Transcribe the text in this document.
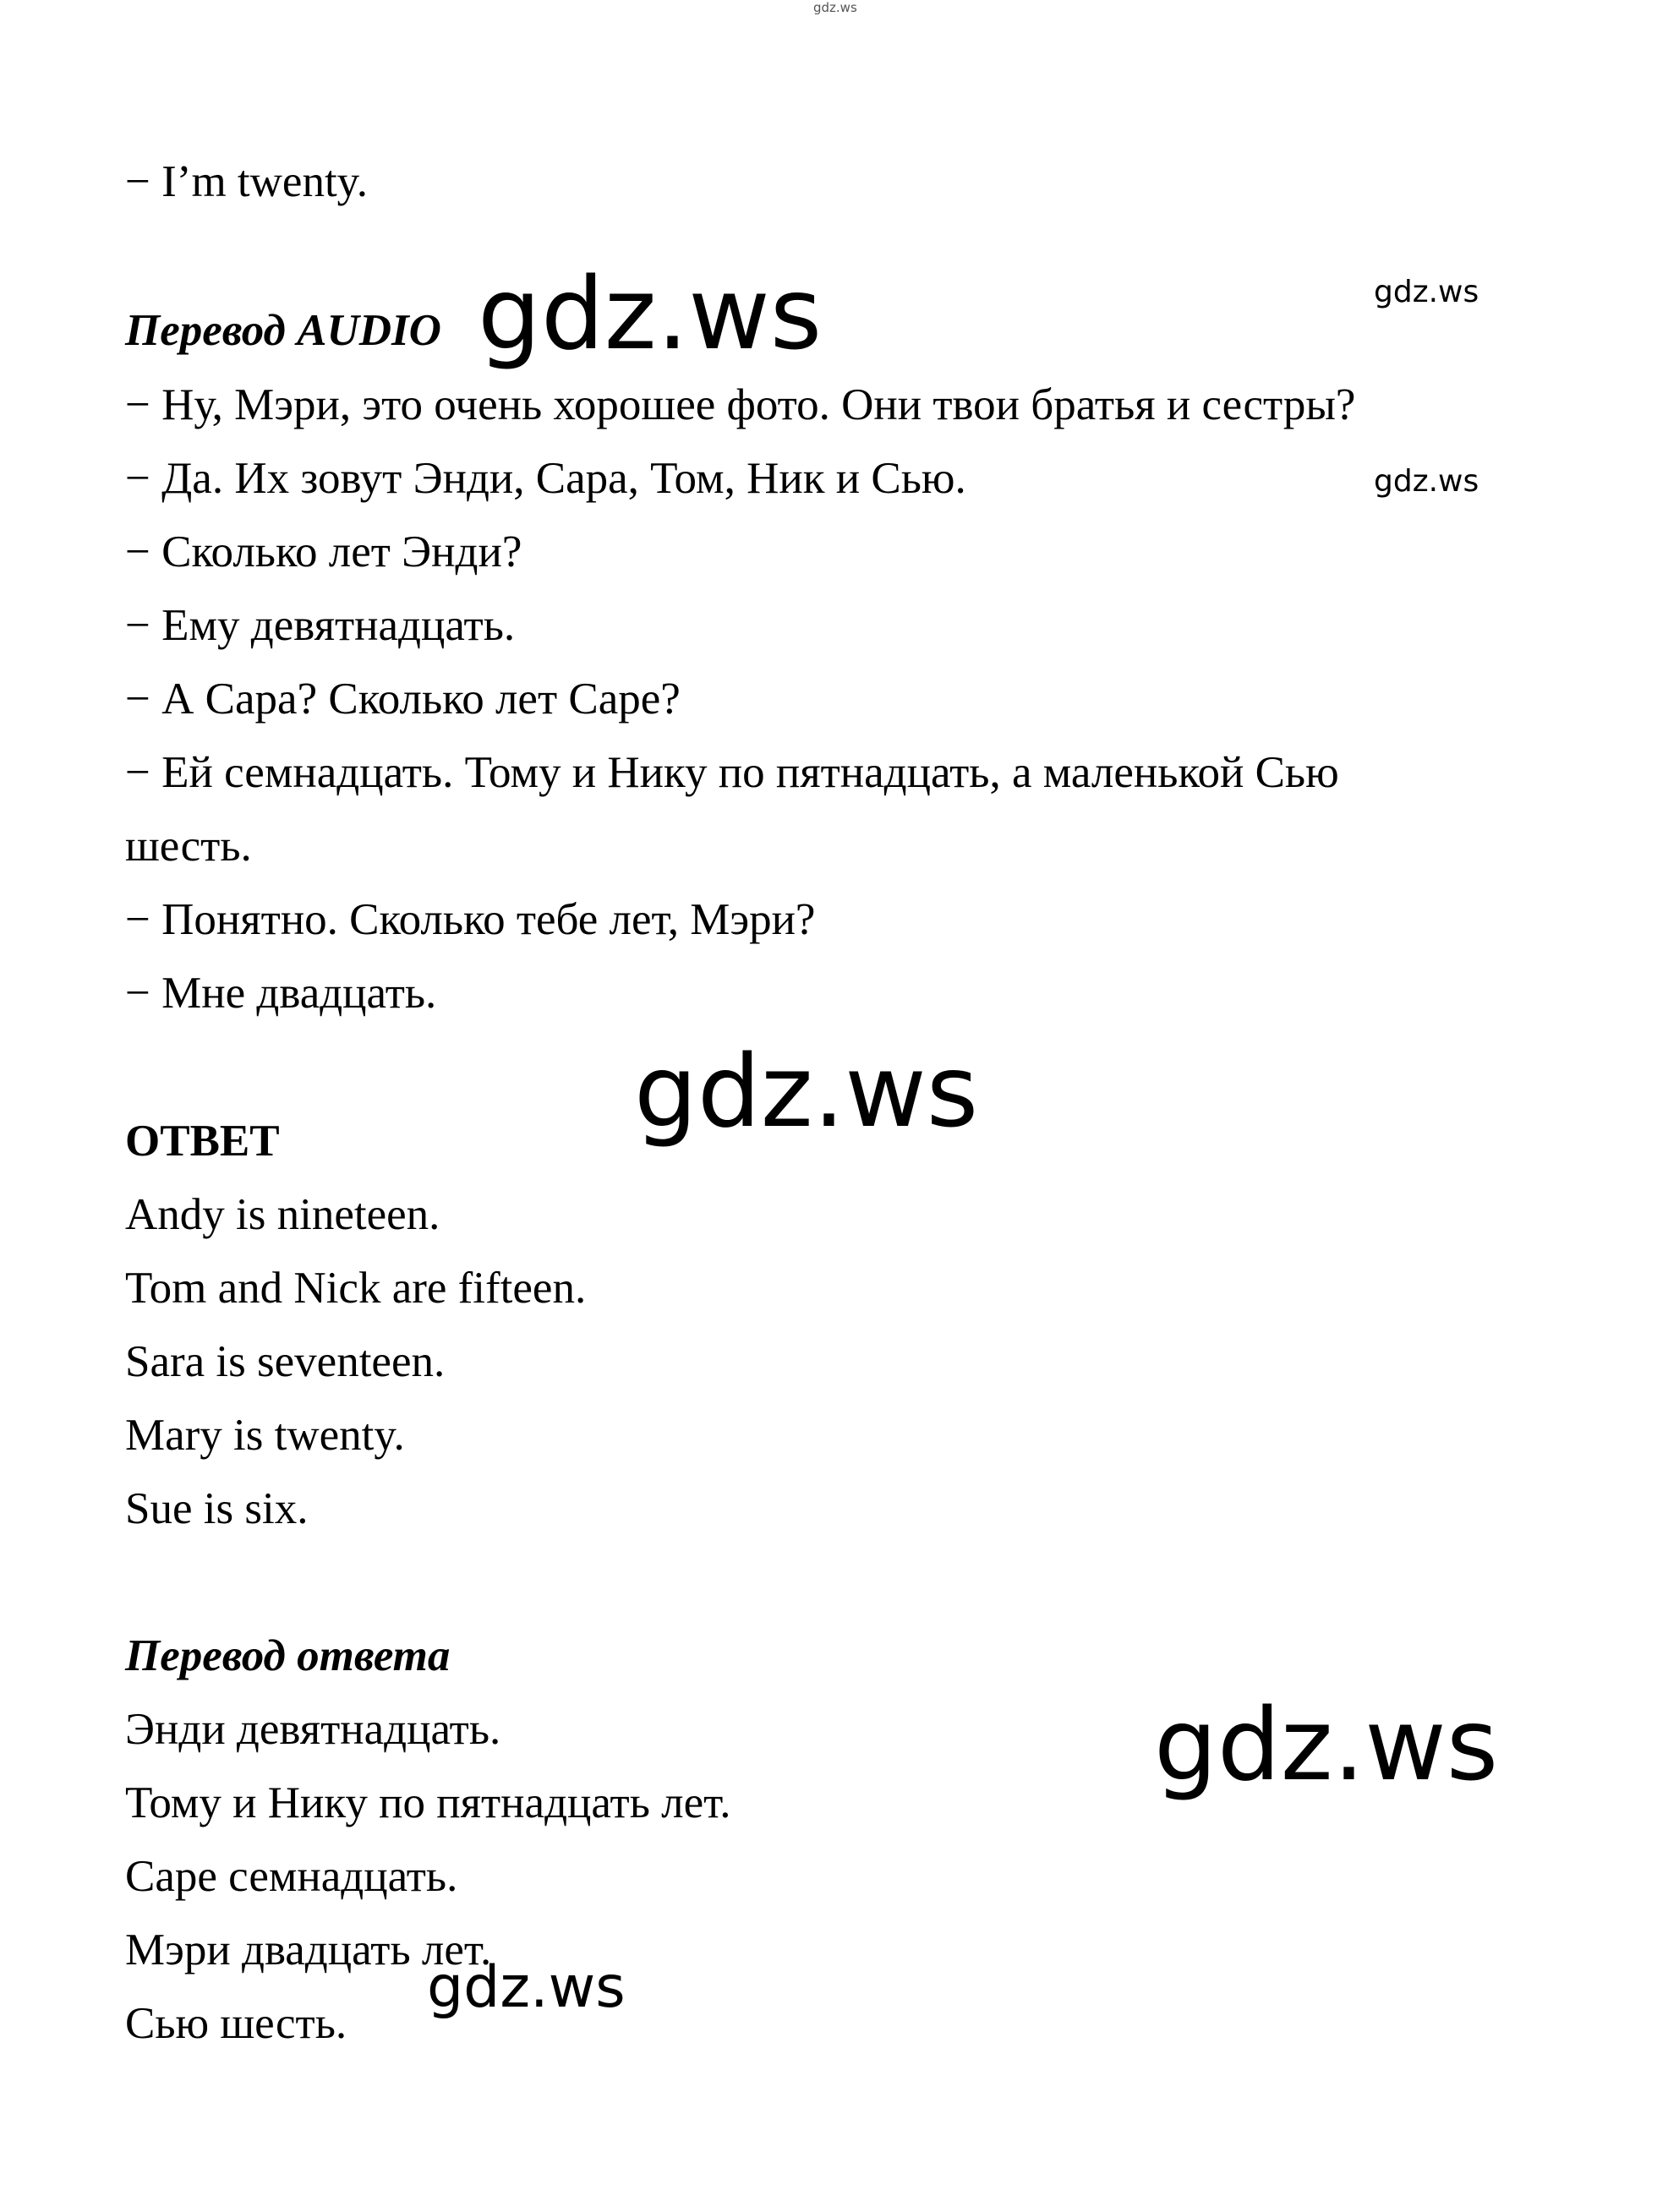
gdz.ws
− I’m twenty.
Перевод AUDIO
− Ну, Мэри, это очень хорошее фото. Они твои братья и сестры?
− Да. Их зовут Энди, Сара, Том, Ник и Сью.
− Сколько лет Энди?
− Ему девятнадцать.
− А Сара? Сколько лет Саре?
− Ей семнадцать. Тому и Нику по пятнадцать, а маленькой Сью
шесть.
− Понятно. Сколько тебе лет, Мэри?
− Мне двадцать.
ОТВЕТ
Andy is nineteen.
Tom and Nick are fifteen.
Sara is seventeen.
Mary is twenty.
Sue is six.
Перевод ответа
Энди девятнадцать.
Тому и Нику по пятнадцать лет.
Саре семнадцать.
Мэри двадцать лет.
Сью шесть.
gdz.ws	gdz.ws
gdz.ws
gdz.ws
gdz.ws
gdz.ws
